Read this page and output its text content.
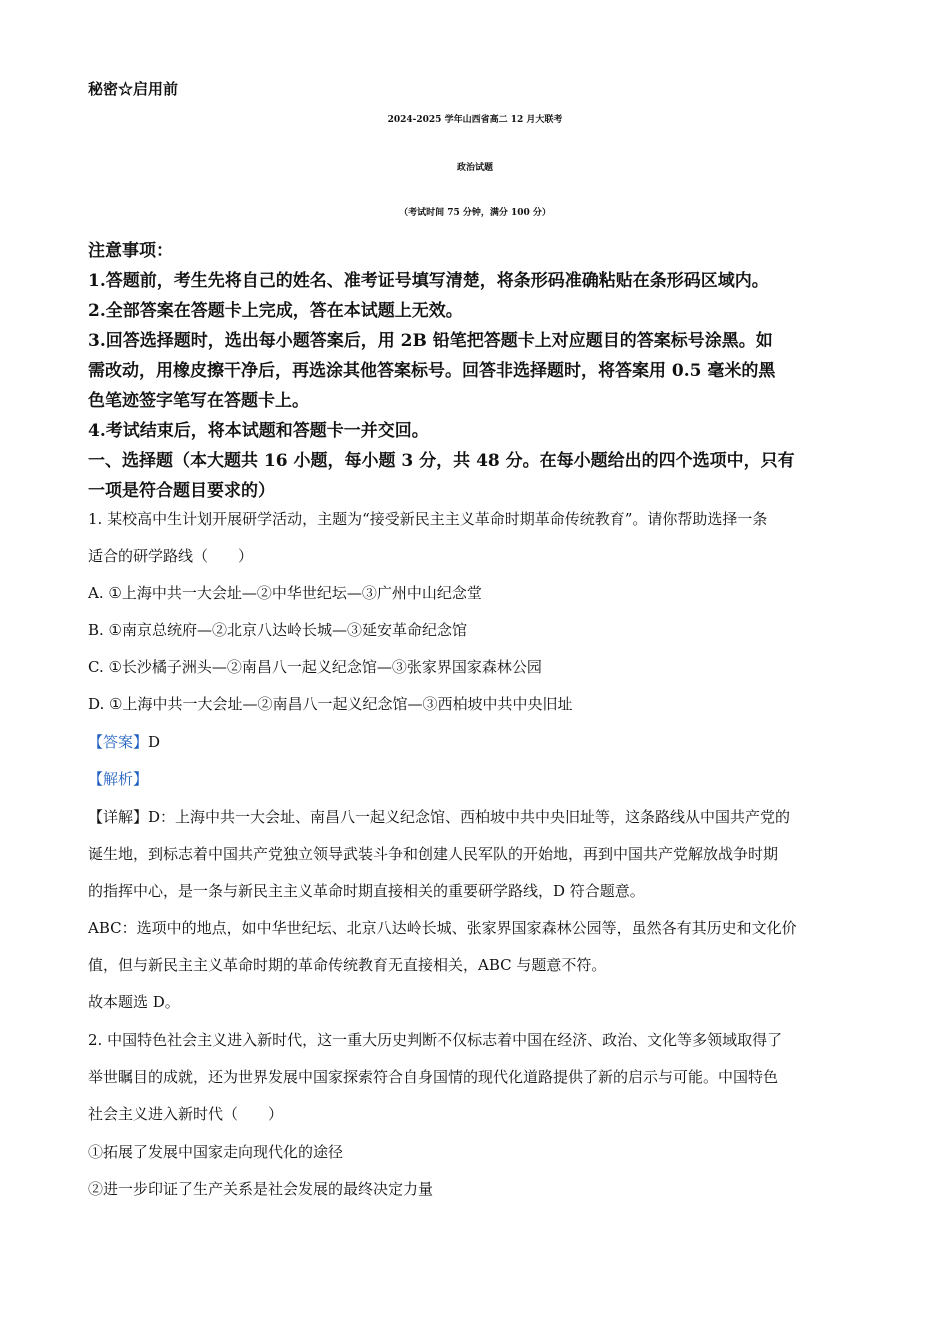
秘密☆启用前
2024-2025 学年山西省高二 12 月大联考
政治试题
（考试时间 75 分钟，满分 100 分）
注意事项：
1.答题前，考生先将自己的姓名、准考证号填写清楚，将条形码准确粘贴在条形码区域内。
2.全部答案在答题卡上完成，答在本试题上无效。
3.回答选择题时，选出每小题答案后，用 2B 铅笔把答题卡上对应题目的答案标号涂黑。如
需改动，用橡皮擦干净后，再选涂其他答案标号。回答非选择题时，将答案用 0.5 毫米的黑
色笔迹签字笔写在答题卡上。
4.考试结束后，将本试题和答题卡一并交回。
一、选择题（本大题共 16 小题，每小题 3 分，共 48 分。在每小题给出的四个选项中，只有
一项是符合题目要求的）
1. 某校高中生计划开展研学活动，主题为“接受新民主主义革命时期革命传统教育”。请你帮助选择一条
适合的研学路线（　　）
A. ①上海中共一大会址—②中华世纪坛—③广州中山纪念堂
B. ①南京总统府—②北京八达岭长城—③延安革命纪念馆
C. ①长沙橘子洲头—②南昌八一起义纪念馆—③张家界国家森林公园
D. ①上海中共一大会址—②南昌八一起义纪念馆—③西柏坡中共中央旧址
【答案】D
【解析】
【详解】D：上海中共一大会址、南昌八一起义纪念馆、西柏坡中共中央旧址等，这条路线从中国共产党的
诞生地，到标志着中国共产党独立领导武装斗争和创建人民军队的开始地，再到中国共产党解放战争时期
的指挥中心，是一条与新民主主义革命时期直接相关的重要研学路线，D 符合题意。
ABC：选项中的地点，如中华世纪坛、北京八达岭长城、张家界国家森林公园等，虽然各有其历史和文化价
值，但与新民主主义革命时期的革命传统教育无直接相关，ABC 与题意不符。
故本题选 D。
2. 中国特色社会主义进入新时代，这一重大历史判断不仅标志着中国在经济、政治、文化等多领域取得了
举世瞩目的成就，还为世界发展中国家探索符合自身国情的现代化道路提供了新的启示与可能。中国特色
社会主义进入新时代（　　）
①拓展了发展中国家走向现代化的途径
②进一步印证了生产关系是社会发展的最终决定力量
